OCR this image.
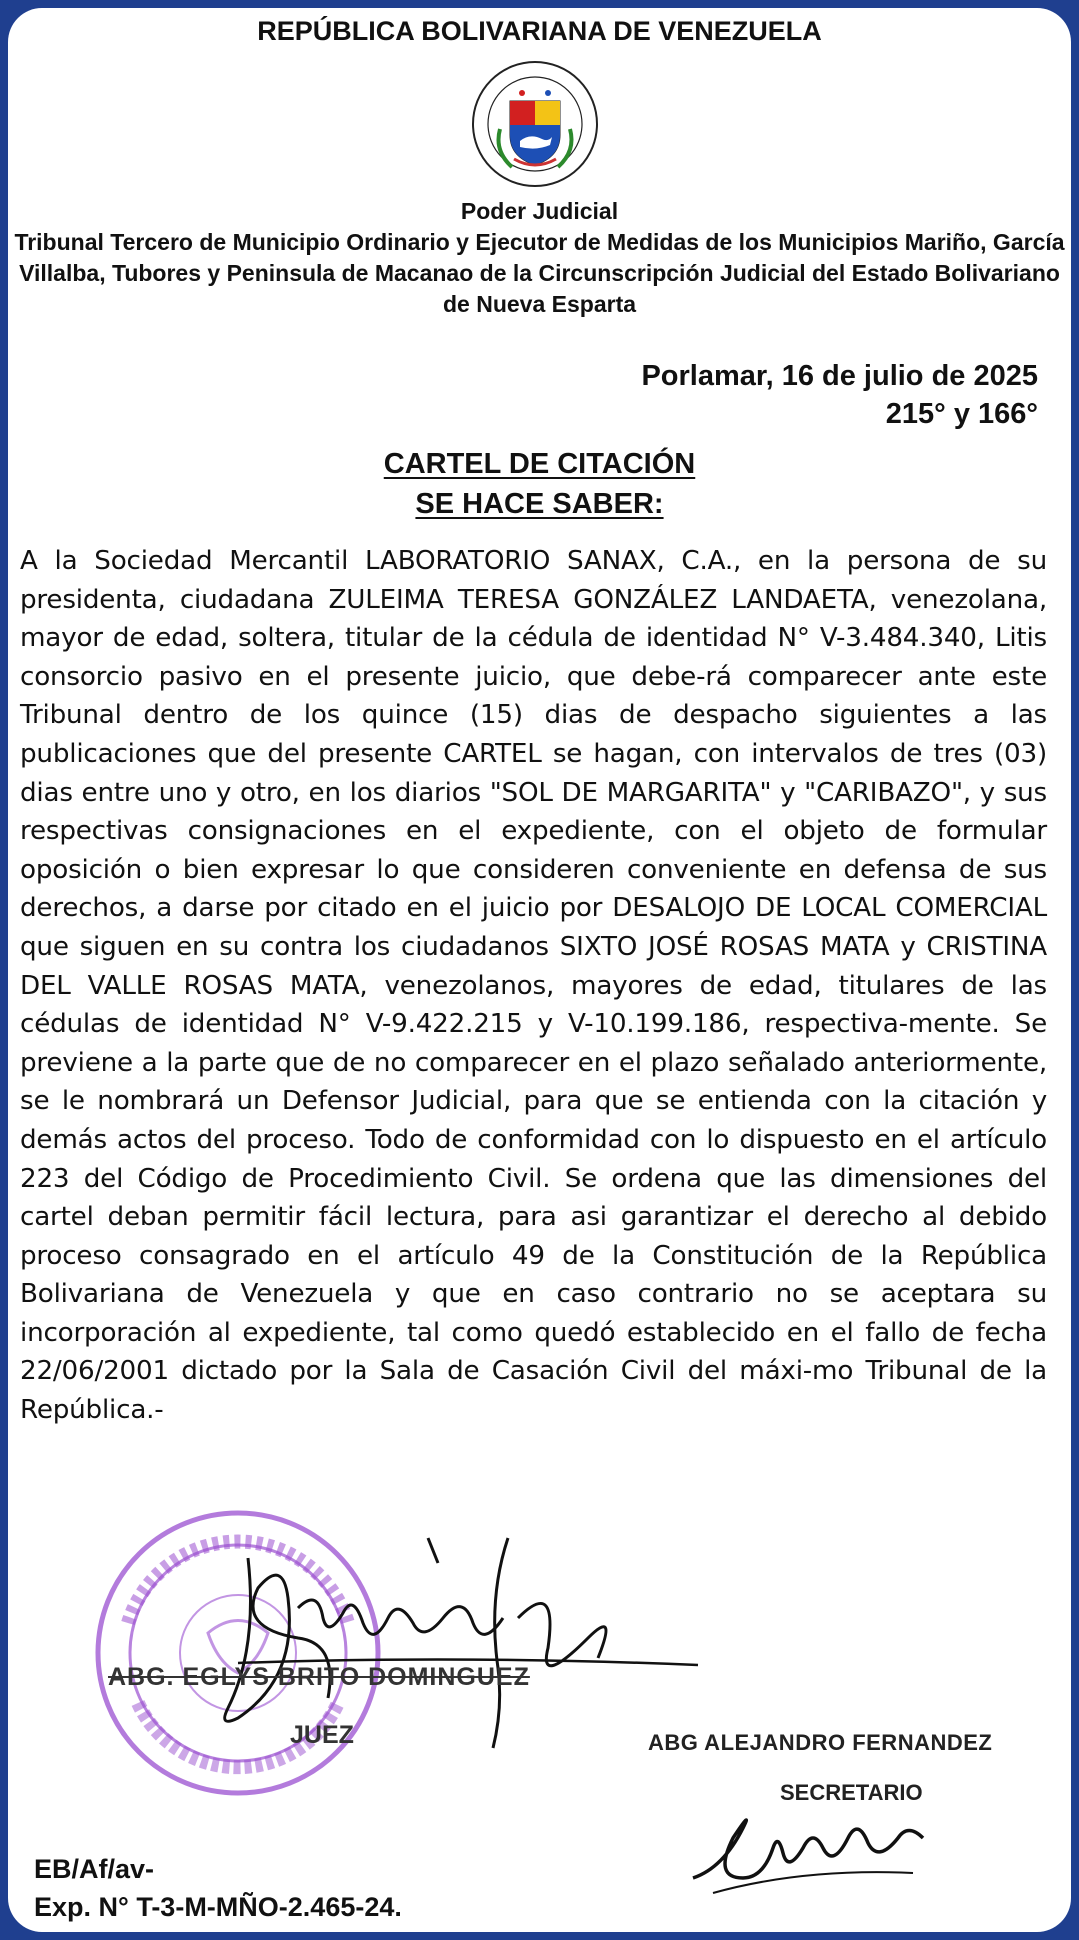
REPÚBLICA BOLIVARIANA DE VENEZUELA
Poder Judicial
Tribunal Tercero de Municipio Ordinario y Ejecutor de Medidas de los Municipios Mariño, García
Villalba, Tubores y Peninsula de Macanao de la Circunscripción Judicial del Estado Bolivariano
de Nueva Esparta
Porlamar, 16 de julio de 2025
215° y 166°
CARTEL DE CITACIÓN
SE HACE SABER:
A la Sociedad Mercantil LABORATORIO SANAX, C.A., en la persona de su presidenta, ciudadana ZULEIMA TERESA GONZÁLEZ LANDAETA, venezolana, mayor de edad, soltera, titular de la cédula de identidad N° V-3.484.340, Litis consorcio pasivo en el presente juicio, que debe-rá comparecer ante este Tribunal dentro de los quince (15) dias de despacho siguientes a las publicaciones que del presente CARTEL se hagan, con intervalos de tres (03) dias entre uno y otro, en los diarios "SOL DE MARGARITA" y "CARIBAZO", y sus respectivas consignaciones en el expediente, con el objeto de formular oposición o bien expresar lo que consideren conveniente en defensa de sus derechos, a darse por citado en el juicio por DESALOJO DE LOCAL COMERCIAL que siguen en su contra los ciudadanos SIXTO JOSÉ ROSAS MATA y CRISTINA DEL VALLE ROSAS MATA, venezolanos, mayores de edad, titulares de las cédulas de identidad N° V-9.422.215 y V-10.199.186, respectiva-mente. Se previene a la parte que de no comparecer en el plazo señalado anteriormente, se le nombrará un Defensor Judicial, para que se entienda con la citación y demás actos del proceso. Todo de conformidad con lo dispuesto en el artículo 223 del Código de Procedimiento Civil. Se ordena que las dimensiones del cartel deban permitir fácil lectura, para asi garantizar el derecho al debido proceso consagrado en el artículo 49 de la Constitución de la República Bolivariana de Venezuela y que en caso contrario no se aceptara su incorporación al expediente, tal como quedó establecido en el fallo de fecha 22/06/2001 dictado por la Sala de Casación Civil del máxi-mo Tribunal de la República.-
ABG. EGLYS BRITO DOMINGUEZ
JUEZ	ABG ALEJANDRO FERNANDEZ
SECRETARIO
EB/Af/av-
Exp. N° T-3-M-MÑO-2.465-24.
